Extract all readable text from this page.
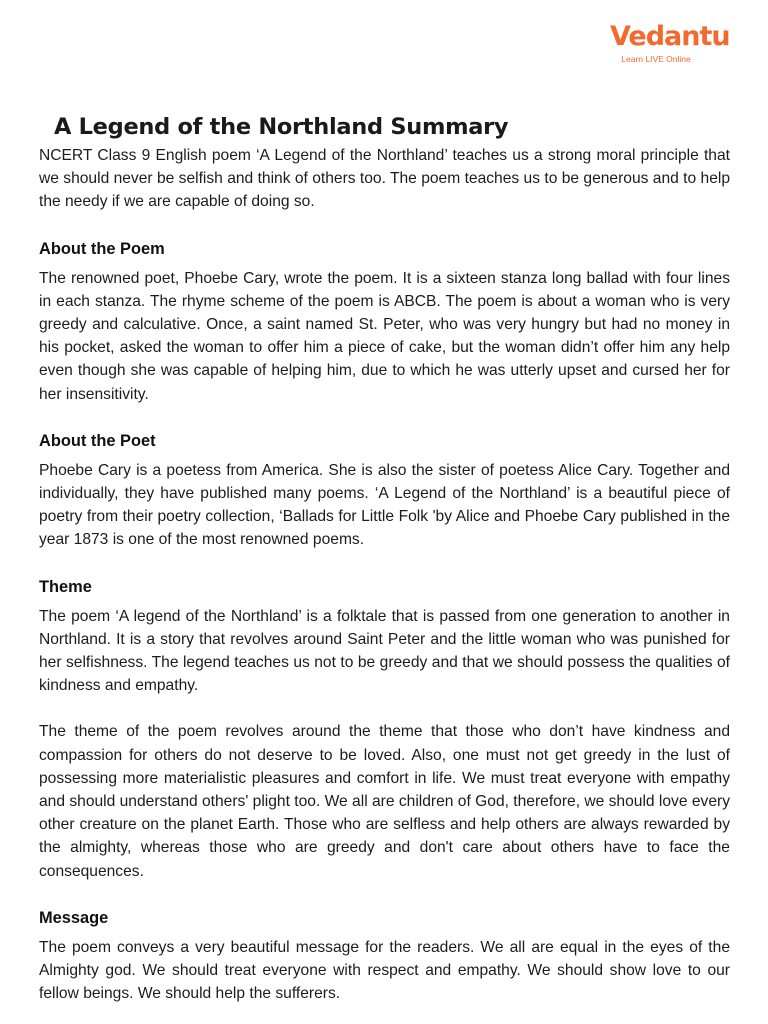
Vedantu
Learn LIVE Online
A Legend of the Northland Summary

NCERT Class 9 English poem ‘A Legend of the Northland’ teaches us a strong moral principle that we should never be selfish and think of others too. The poem teaches us to be generous and to help the needy if we are capable of doing so.

About the Poem

The renowned poet, Phoebe Cary, wrote the poem. It is a sixteen stanza long ballad with four lines in each stanza. The rhyme scheme of the poem is ABCB. The poem is about a woman who is very greedy and calculative. Once, a saint named St. Peter, who was very hungry but had no money in his pocket, asked the woman to offer him a piece of cake, but the woman didn’t offer him any help even though she was capable of helping him, due to which he was utterly upset and cursed her for her insensitivity.

About the Poet

Phoebe Cary is a poetess from America. She is also the sister of poetess Alice Cary. Together and individually, they have published many poems. ‘A Legend of the Northland’ is a beautiful piece of poetry from their poetry collection, ‘Ballads for Little Folk 'by Alice and Phoebe Cary published in the year 1873 is one of the most renowned poems.

Theme

The poem ‘A legend of the Northland’ is a folktale that is passed from one generation to another in Northland. It is a story that revolves around Saint Peter and the little woman who was punished for her selfishness. The legend teaches us not to be greedy and that we should possess the qualities of kindness and empathy.

The theme of the poem revolves around the theme that those who don’t have kindness and compassion for others do not deserve to be loved. Also, one must not get greedy in the lust of possessing more materialistic pleasures and comfort in life. We must treat everyone with empathy and should understand others' plight too. We all are children of God, therefore, we should love every other creature on the planet Earth. Those who are selfless and help others are always rewarded by the almighty, whereas those who are greedy and don't care about others have to face the consequences.

Message

The poem conveys a very beautiful message for the readers. We all are equal in the eyes of the Almighty god. We should treat everyone with respect and empathy. We should show love to our fellow beings. We should help the sufferers.
